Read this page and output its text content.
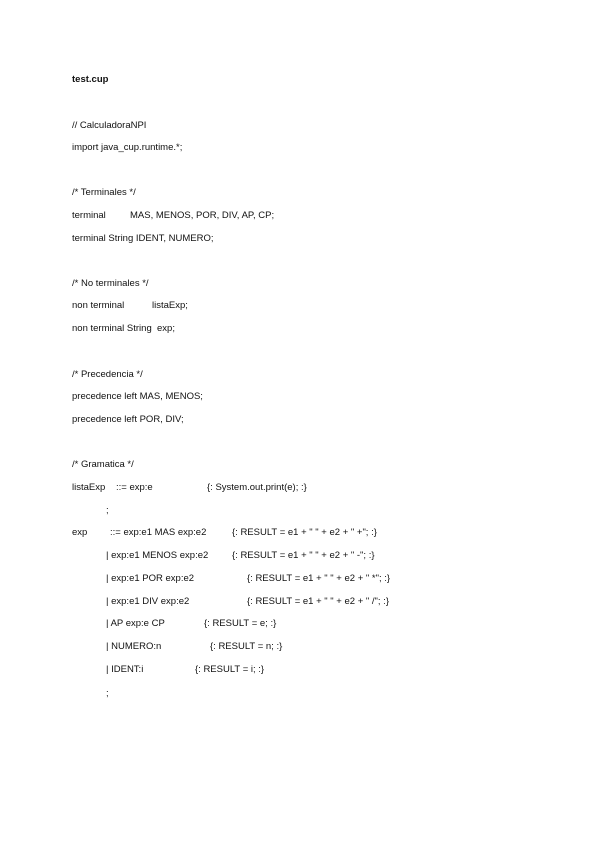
test.cup
// CalculadoraNPI
import java_cup.runtime.*;
/* Terminales */
terminal	MAS, MENOS, POR, DIV, AP, CP;
terminal String IDENT, NUMERO;
/* No terminales */
non terminal	listaExp;
non terminal String  exp;
/* Precedencia */
precedence left MAS, MENOS;
precedence left POR, DIV;
/* Gramatica */
listaExp ::= exp:e	{: System.out.print(e); :}
;
exp ::= exp:e1 MAS exp:e2	{: RESULT = e1 + " " + e2 + " +"; :}
| exp:e1 MENOS exp:e2 {: RESULT = e1 + " " + e2 + " -"; :}
| exp:e1 POR exp:e2	{: RESULT = e1 + " " + e2 + " *"; :}
| exp:e1 DIV exp:e2	{: RESULT = e1 + " " + e2 + " /"; :}
| AP exp:e CP	{: RESULT = e; :}
| NUMERO:n	{: RESULT = n; :}
| IDENT:i	{: RESULT = i; :}
;
